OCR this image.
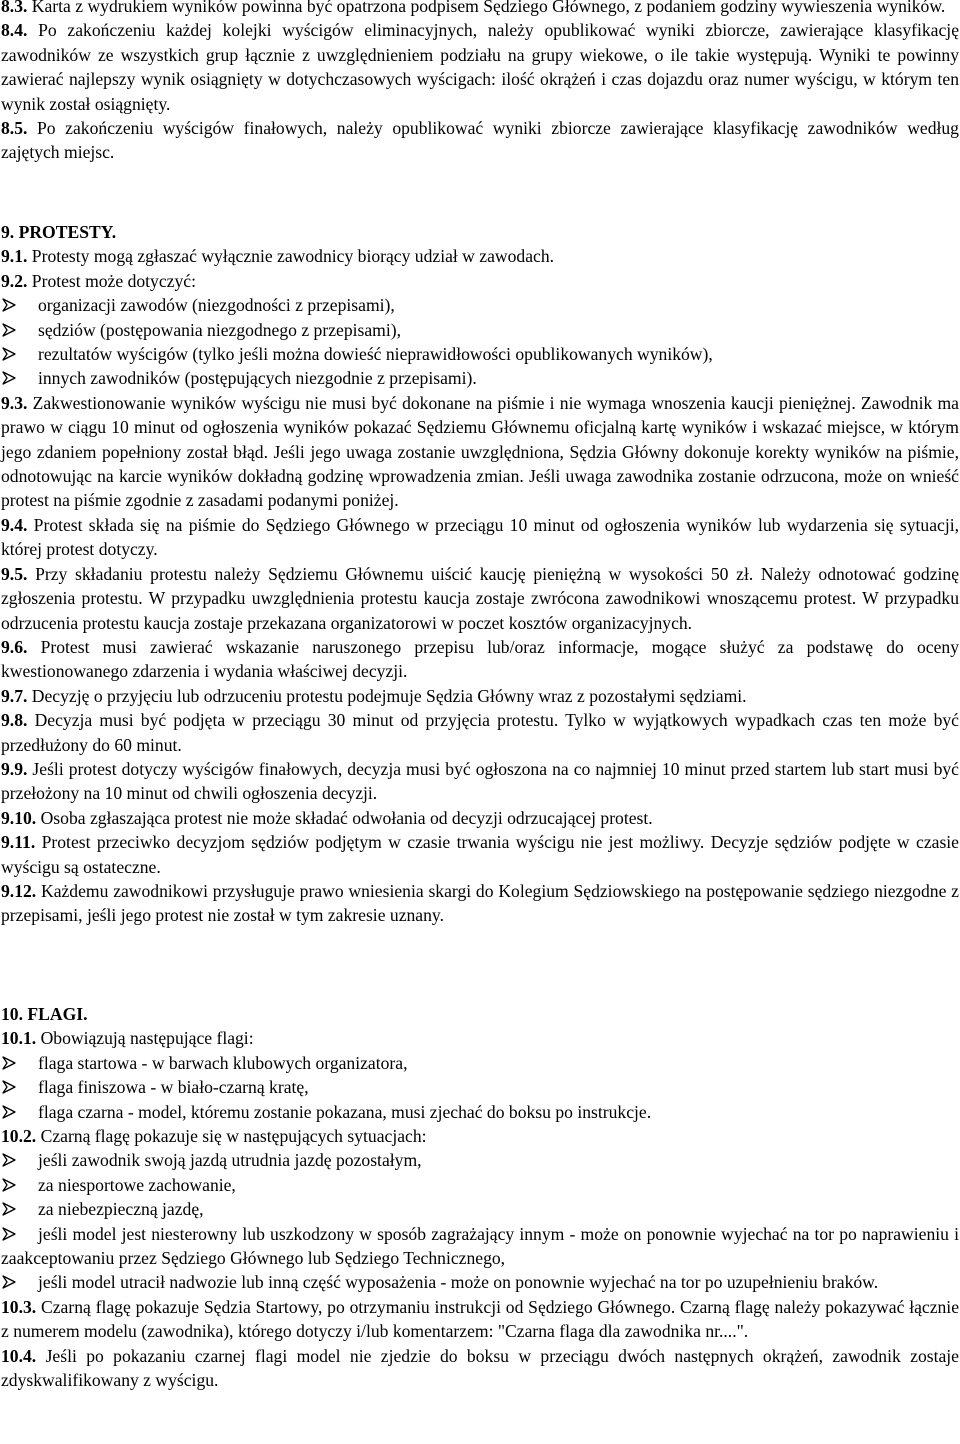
8.3. Karta z wydrukiem wyników powinna być opatrzona podpisem Sędziego Głównego, z podaniem godziny wywieszenia wyników.

8.4. Po zakończeniu każdej kolejki wyścigów eliminacyjnych, należy opublikować wyniki zbiorcze, zawierające klasyfikację zawodników ze wszystkich grup łącznie z uwzględnieniem podziału na grupy wiekowe, o ile takie występują. Wyniki te powinny zawierać najlepszy wynik osiągnięty w dotychczasowych wyścigach: ilość okrążeń i czas dojazdu oraz numer wyścigu, w którym ten wynik został osiągnięty.

8.5. Po zakończeniu wyścigów finałowych, należy opublikować wyniki zbiorcze zawierające klasyfikację zawodników według zajętych miejsc.

9. PROTESTY.

9.1. Protesty mogą zgłaszać wyłącznie zawodnicy biorący udział w zawodach.

9.2. Protest może dotyczyć:

organizacji zawodów (niezgodności z przepisami),
sędziów (postępowania niezgodnego z przepisami),
rezultatów wyścigów (tylko jeśli można dowieść nieprawidłowości opublikowanych wyników),
innych zawodników (postępujących niezgodnie z przepisami).

9.3. Zakwestionowanie wyników wyścigu nie musi być dokonane na piśmie i nie wymaga wnoszenia kaucji pieniężnej. Zawodnik ma prawo w ciągu 10 minut od ogłoszenia wyników pokazać Sędziemu Głównemu oficjalną kartę wyników i wskazać miejsce, w którym jego zdaniem popełniony został błąd. Jeśli jego uwaga zostanie uwzględniona, Sędzia Główny dokonuje korekty wyników na piśmie, odnotowując na karcie wyników dokładną godzinę wprowadzenia zmian. Jeśli uwaga zawodnika zostanie odrzucona, może on wnieść protest na piśmie zgodnie z zasadami podanymi poniżej.

9.4. Protest składa się na piśmie do Sędziego Głównego w przeciągu 10 minut od ogłoszenia wyników lub wydarzenia się sytuacji, której protest dotyczy.

9.5. Przy składaniu protestu należy Sędziemu Głównemu uiścić kaucję pieniężną w wysokości 50 zł. Należy odnotować godzinę zgłoszenia protestu. W przypadku uwzględnienia protestu kaucja zostaje zwrócona zawodnikowi wnoszącemu protest. W przypadku odrzucenia protestu kaucja zostaje przekazana organizatorowi w poczet kosztów organizacyjnych.

9.6. Protest musi zawierać wskazanie naruszonego przepisu lub/oraz informacje, mogące służyć za podstawę do oceny kwestionowanego zdarzenia i wydania właściwej decyzji.

9.7. Decyzję o przyjęciu lub odrzuceniu protestu podejmuje Sędzia Główny wraz z pozostałymi sędziami.

9.8. Decyzja musi być podjęta w przeciągu 30 minut od przyjęcia protestu. Tylko w wyjątkowych wypadkach czas ten może być przedłużony do 60 minut.

9.9. Jeśli protest dotyczy wyścigów finałowych, decyzja musi być ogłoszona na co najmniej 10 minut przed startem lub start musi być przełożony na 10 minut od chwili ogłoszenia decyzji.

9.10. Osoba zgłaszająca protest nie może składać odwołania od decyzji odrzucającej protest.

9.11. Protest przeciwko decyzjom sędziów podjętym w czasie trwania wyścigu nie jest możliwy. Decyzje sędziów podjęte w czasie wyścigu są ostateczne.

9.12. Każdemu zawodnikowi przysługuje prawo wniesienia skargi do Kolegium Sędziowskiego na postępowanie sędziego niezgodne z przepisami, jeśli jego protest nie został w tym zakresie uznany.

10. FLAGI.

10.1. Obowiązują następujące flagi:

flaga startowa - w barwach klubowych organizatora,
flaga finiszowa - w biało-czarną kratę,
flaga czarna - model, któremu zostanie pokazana, musi zjechać do boksu po instrukcje.

10.2. Czarną flagę pokazuje się w następujących sytuacjach:

jeśli zawodnik swoją jazdą utrudnia jazdę pozostałym,
za niesportowe zachowanie,
za niebezpieczną jazdę,
jeśli model jest niesterowny lub uszkodzony w sposób zagrażający innym - może on ponownie wyjechać na tor po naprawieniu i zaakceptowaniu przez Sędziego Głównego lub Sędziego Technicznego,
jeśli model utracił nadwozie lub inną część wyposażenia - może on ponownie wyjechać na tor po uzupełnieniu braków.

10.3. Czarną flagę pokazuje Sędzia Startowy, po otrzymaniu instrukcji od Sędziego Głównego. Czarną flagę należy pokazywać łącznie z numerem modelu (zawodnika), którego dotyczy i/lub komentarzem: "Czarna flaga dla zawodnika nr....".

10.4. Jeśli po pokazaniu czarnej flagi model nie zjedzie do boksu w przeciągu dwóch następnych okrążeń, zawodnik zostaje zdyskwalifikowany z wyścigu.
